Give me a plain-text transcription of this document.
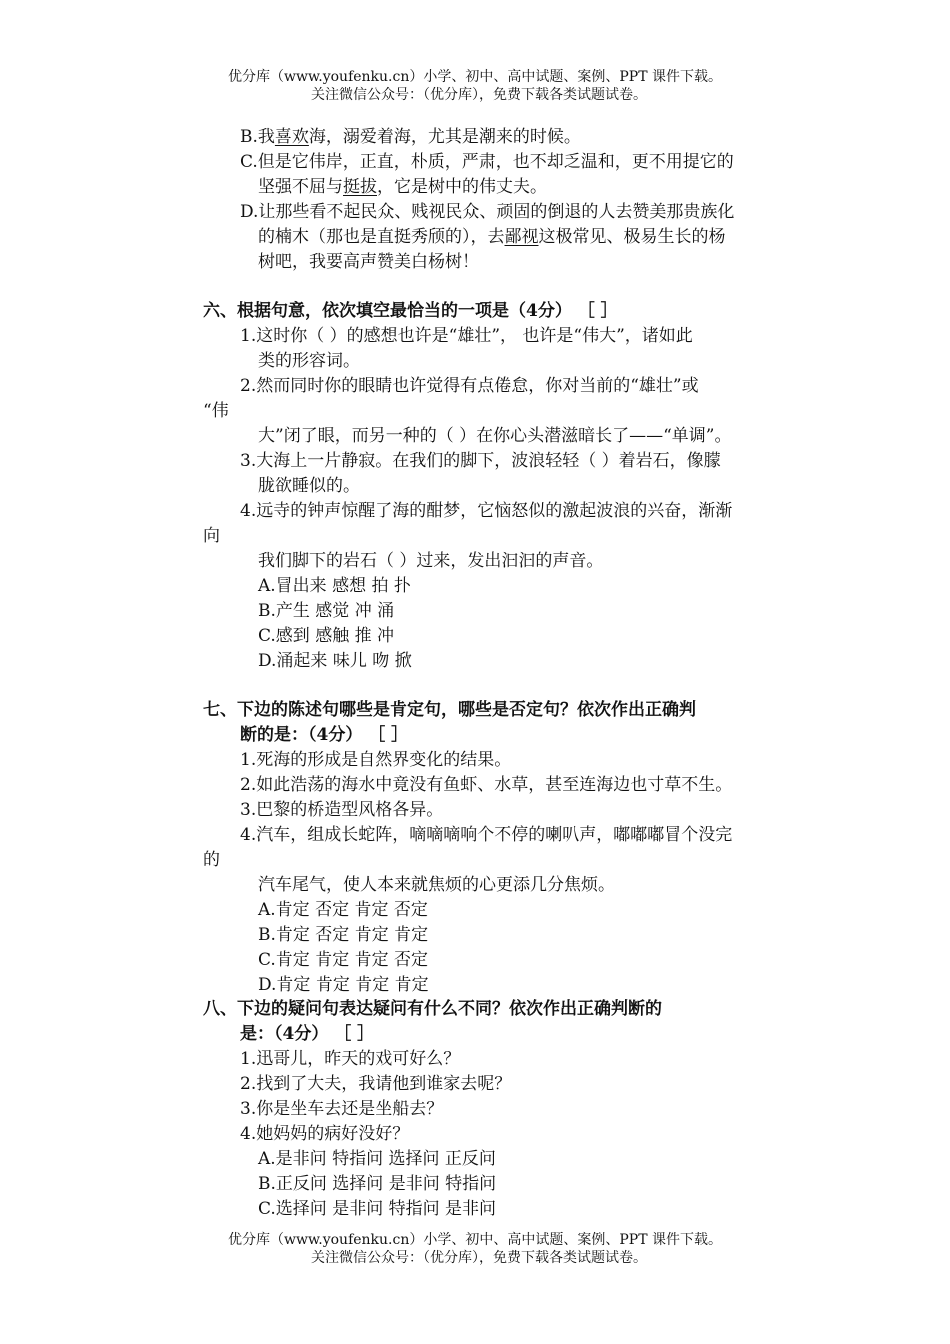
优分库（www.youfenku.cn）小学、初中、高中试题、案例、PPT 课件下载。
关注微信公众号：（优分库），免费下载各类试题试卷。
B.我喜欢海，溺爱着海，尤其是潮来的时候。
C.但是它伟岸，正直，朴质，严肃，也不却乏温和，更不用提它的
坚强不屈与挺拔，它是树中的伟丈夫。
D.让那些看不起民众、贱视民众、顽固的倒退的人去赞美那贵族化
的楠木（那也是直挺秀颀的），去鄙视这极常见、极易生长的杨
树吧，我要高声赞美白杨树！
六、根据句意，依次填空最恰当的一项是（4分） ［ ］
1.这时你（ ）的感想也许是“雄壮”， 也许是“伟大”，诸如此
类的形容词。
2.然而同时你的眼睛也许觉得有点倦怠，你对当前的“雄壮”或
“伟
大”闭了眼，而另一种的（ ）在你心头潜滋暗长了——“单调”。
3.大海上一片静寂。在我们的脚下，波浪轻轻（ ）着岩石，像朦
胧欲睡似的。
4.远寺的钟声惊醒了海的酣梦，它恼怒似的激起波浪的兴奋，渐渐
向
我们脚下的岩石（ ）过来，发出汩汩的声音。
A.冒出来 感想 拍 扑
B.产生 感觉 冲 涌
C.感到 感触 推 冲
D.涌起来 味儿 吻 掀
七、下边的陈述句哪些是肯定句，哪些是否定句？依次作出正确判
断的是：（4分） ［ ］
1.死海的形成是自然界变化的结果。
2.如此浩荡的海水中竟没有鱼虾、水草，甚至连海边也寸草不生。
3.巴黎的桥造型风格各异。
4.汽车，组成长蛇阵，嘀嘀嘀响个不停的喇叭声，嘟嘟嘟冒个没完
的
汽车尾气，使人本来就焦烦的心更添几分焦烦。
A.肯定 否定 肯定 否定
B.肯定 否定 肯定 肯定
C.肯定 肯定 肯定 否定
D.肯定 肯定 肯定 肯定
八、下边的疑问句表达疑问有什么不同？依次作出正确判断的
是：（4分） ［ ］
1.迅哥儿，昨天的戏可好么？
2.找到了大夫，我请他到谁家去呢？
3.你是坐车去还是坐船去？
4.她妈妈的病好没好？
A.是非问 特指问 选择问 正反问
B.正反问 选择问 是非问 特指问
C.选择问 是非问 特指问 是非问
优分库（www.youfenku.cn）小学、初中、高中试题、案例、PPT 课件下载。
关注微信公众号：（优分库），免费下载各类试题试卷。
